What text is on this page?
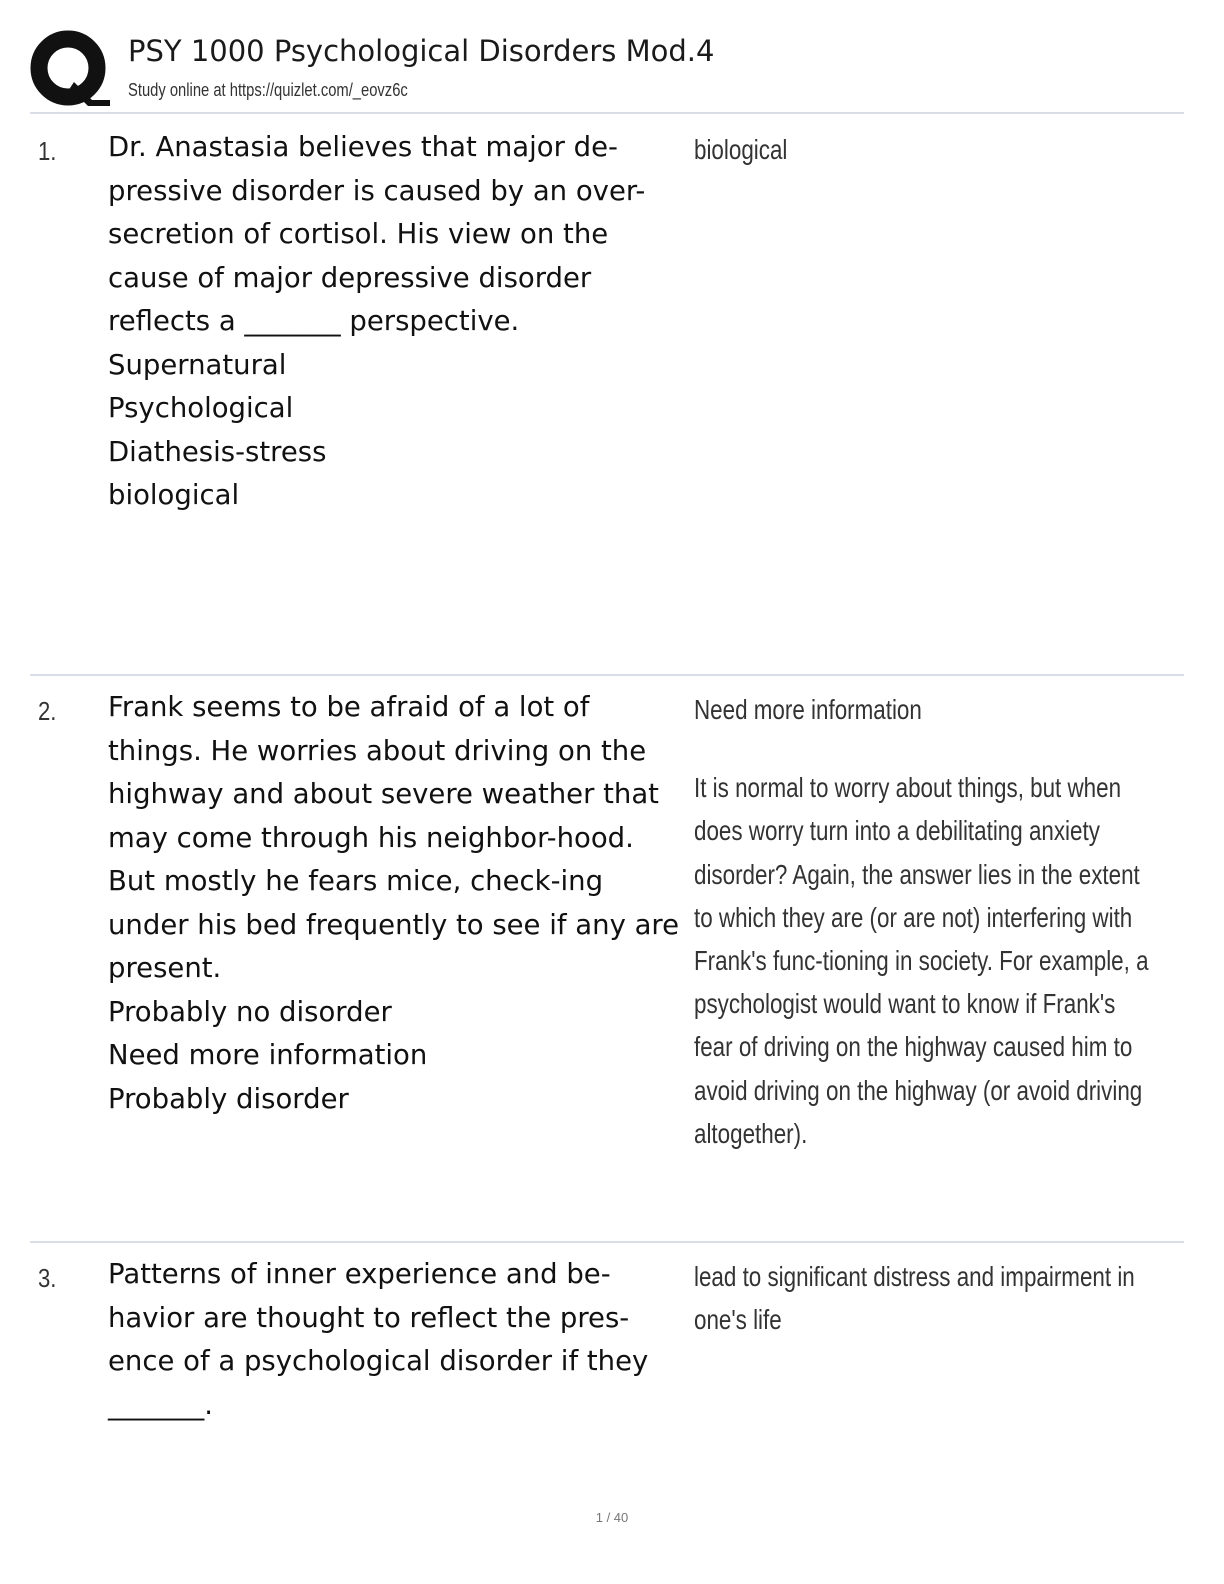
PSY 1000 Psychological Disorders Mod.4
Study online at https://quizlet.com/_eovz6c
1. Dr. Anastasia believes that major de-pressive disorder is caused by an over-secretion of cortisol. His view on the cause of major depressive disorder reflects a _______ perspective.

Supernatural

Psychological

Diathesis-stress

biological

biological

2. Frank seems to be afraid of a lot of things. He worries about driving on the highway and about severe weather that may come through his neighbor-hood. But mostly he fears mice, check-ing under his bed frequently to see if any are present.

Probably no disorder

Need more information

Probably disorder

Need more information

It is normal to worry about things, but when does worry turn into a debilitating anxiety disorder? Again, the answer lies in the extent to which they are (or are not) interfering with Frank's func-tioning in society. For example, a psychologist would want to know if Frank's fear of driving on the highway caused him to avoid driving on the highway (or avoid driving altogether).

3. Patterns of inner experience and be-havior are thought to reflect the pres-ence of a psychological disorder if they _______.

lead to significant distress and impairment in one's life

1 / 40
